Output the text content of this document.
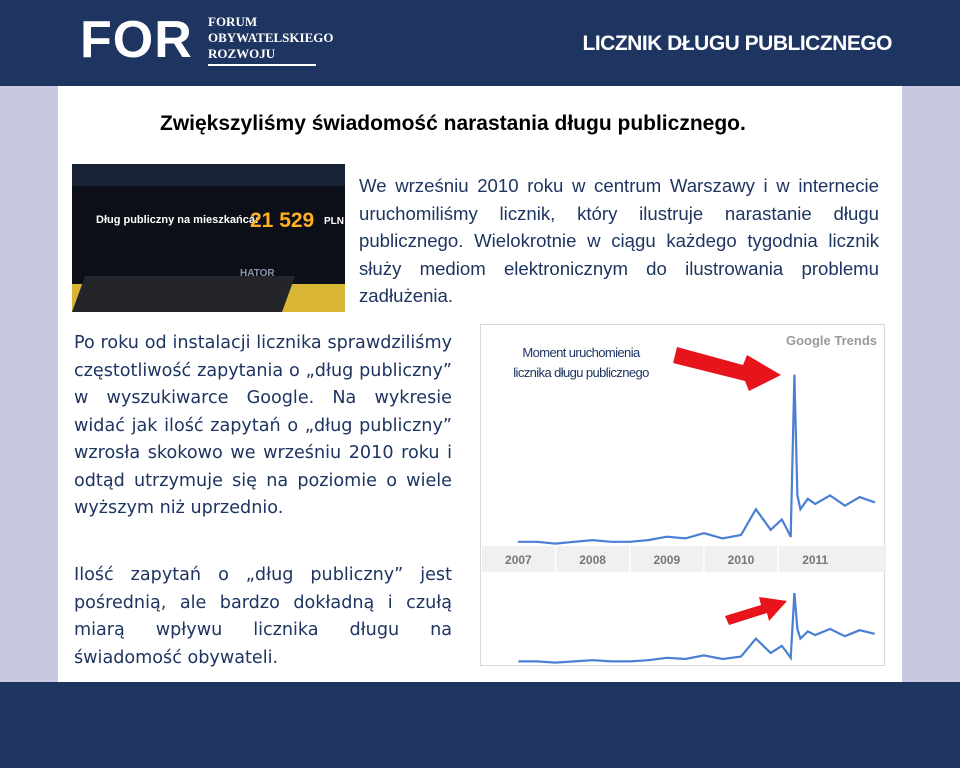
FOR FORUM
OBYWATELSKIEGO
ROZWOJU	LICZNIK DŁUGU PUBLICZNEGO
Zwiększyliśmy świadomość narastania długu publicznego.
Dług publiczny na mieszkańca:
21 529 PLN
HATOR
We wrześniu 2010 roku w centrum Warszawy i w internecie uruchomiliśmy licznik, który ilustruje narastanie długu publicznego. Wielokrotnie w ciągu każdego tygodnia licznik służy mediom elektronicznym do ilustrowania problemu zadłużenia.
Po roku od instalacji licznika sprawdziliśmy częstotliwość zapytania o „dług publiczny” w wyszukiwarce Google. Na wykresie widać jak ilość zapytań o „dług publiczny” wzrosła skokowo we wrześniu 2010 roku i odtąd utrzymuje się na poziomie o wiele wyższym niż uprzednio.
Ilość zapytań o „dług publiczny” jest pośrednią, ale bardzo dokładną i czułą miarą wpływu licznika długu na świadomość obywateli.
Google Trends
Moment uruchomienia
licznika długu publicznego
2007	2008	2009	2010	2011
